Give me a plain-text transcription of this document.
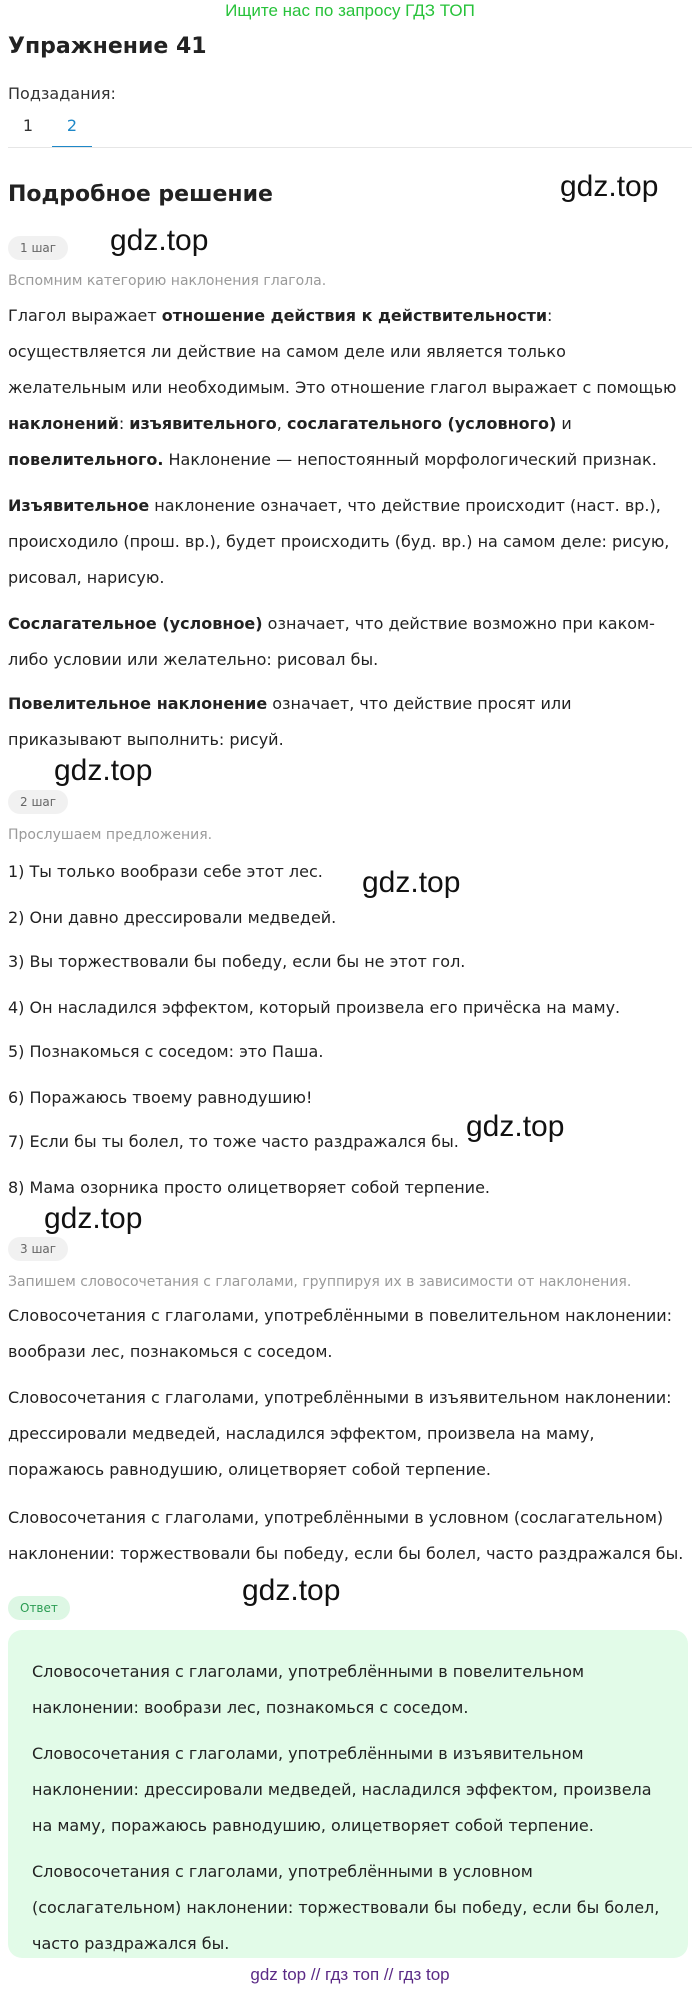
Ищите нас по запросу ГДЗ ТОП
Упражнение 41
Подзадания:
1	2
Подробное решение	gdz.top
gdz.top
gdz.top
gdz.top
gdz.top
gdz.top
gdz.top
1 шаг
Вспомним категорию наклонения глагола.

Глагол выражает отношение действия к действительности: осуществляется ли действие на самом деле или является только желательным или необходимым. Это отношение глагол выражает с помощью наклонений: изъявительного, сослагательного (условного) и повелительного. Наклонение — непостоянный морфологический признак.

Изъявительное наклонение означает, что действие происходит (наст. вр.), происходило (прош. вр.), будет происходить (буд. вр.) на самом деле: рисую, рисовал, нарисую.

Сослагательное (условное) означает, что действие возможно при каком-либо условии или желательно: рисовал бы.

Повелительное наклонение означает, что действие просят или приказывают выполнить: рисуй.

2 шаг
Прослушаем предложения.

1) Ты только вообрази себе этот лес.

2) Они давно дрессировали медведей.

3) Вы торжествовали бы победу, если бы не этот гол.

4) Он насладился эффектом, который произвела его причёска на маму.

5) Познакомься с соседом: это Паша.

6) Поражаюсь твоему равнодушию!

7) Если бы ты болел, то тоже часто раздражался бы.

8) Мама озорника просто олицетворяет собой терпение.

3 шаг
Запишем словосочетания с глаголами, группируя их в зависимости от наклонения.

Словосочетания с глаголами, употреблёнными в повелительном наклонении: вообрази лес, познакомься с соседом.

Словосочетания с глаголами, употреблёнными в изъявительном наклонении: дрессировали медведей, насладился эффектом, произвела на маму, поражаюсь равнодушию, олицетворяет собой терпение.

Словосочетания с глаголами, употреблёнными в условном (сослагательном) наклонении: торжествовали бы победу, если бы болел, часто раздражался бы.

Ответ

Словосочетания с глаголами, употреблёнными в повелительном наклонении: вообрази лес, познакомься с соседом.

Словосочетания с глаголами, употреблёнными в изъявительном наклонении: дрессировали медведей, насладился эффектом, произвела на маму, поражаюсь равнодушию, олицетворяет собой терпение.

Словосочетания с глаголами, употреблёнными в условном (сослагательном) наклонении: торжествовали бы победу, если бы болел, часто раздражался бы.

gdz top // гдз топ // гдз top
